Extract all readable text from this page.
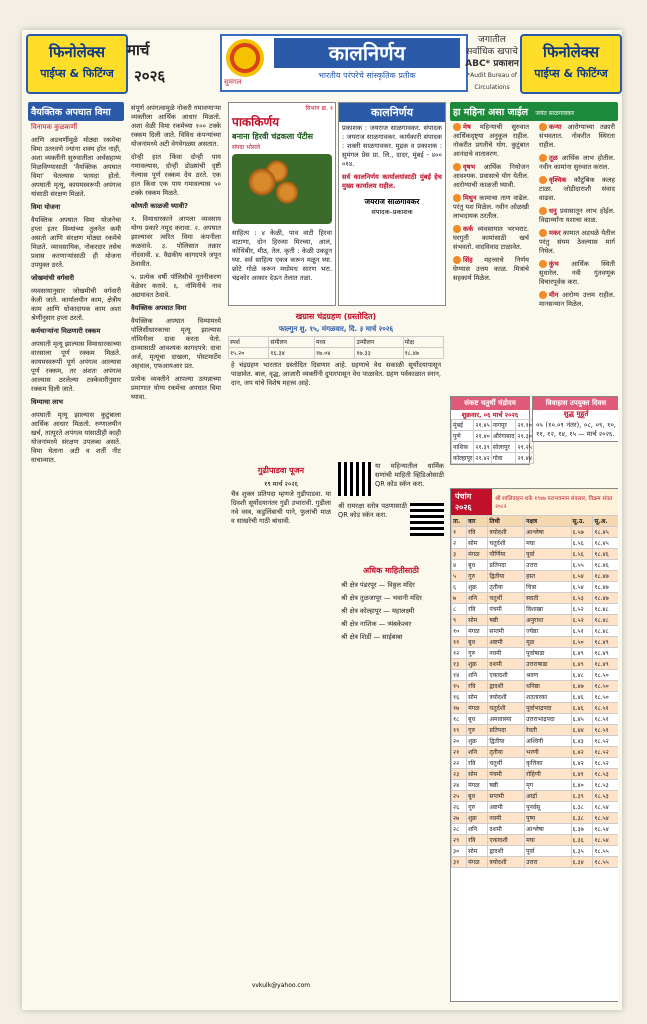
फिनोलेक्स
पाईप्स & फिटिंग्ज
मार्च
२०२६	सुमंगल
कालनिर्णय
भारतीय परंपरेचे सांस्कृतिक प्रतीक
जगातील
सर्वाधिक खपाचे
ABC* प्रकाशन
*Audit Bureau of Circulations
फिनोलेक्स
पाईप्स & फिटिंग्ज
वैयक्तिक अपघात विमा
विनायक कुळकर्णी
आणि अडचणींमुळे मोठ्या रकमेचा विमा उतरवणे ज्यांना शक्य होत नाही, अशा व्यक्तींनी सुरुवातीला अर्थसहाय्य मिळविण्यासाठी ‘वैयक्तिक अपघात विमा’ घेतल्यास फायदा होतो. अपघाती मृत्यू, कायमस्वरूपी अपंगत्व यांसाठी संरक्षण मिळते.
विमा योजना
वैयक्तिक अपघात विमा योजनेचा हप्ता इतर विम्यांच्या तुलनेत कमी असतो आणि संरक्षण मोठ्या रकमेचे मिळते. व्यावसायिक, नोकरदार तसेच प्रवास करणाऱ्यांसाठी ही योजना उपयुक्त ठरते.
जोखमांची वर्गवारी
व्यवसायानुसार जोखमीची वर्गवारी केली जाते. कार्यालयीन काम, क्षेत्रीय काम आणि धोकादायक काम अशा श्रेणींनुसार हप्ता ठरतो.
कर्मचाऱ्यांना मिळणारी रक्कम
अपघाती मृत्यू झाल्यास विमाधारकाच्या वारसाला पूर्ण रक्कम मिळते. कायमस्वरूपी पूर्ण अपंगत्व आल्यास पूर्ण रक्कम, तर अंशतः अपंगत्व आल्यास ठरलेल्या टक्केवारीनुसार रक्कम दिली जाते.
विम्याचा लाभ
अपघाती मृत्यू झाल्यास कुटुंबाला आर्थिक आधार मिळतो. रुग्णालयीन खर्च, तात्पुरते अपंगत्व यांसाठीही काही योजनांमध्ये संरक्षण उपलब्ध असते. विमा घेताना अटी व शर्ती नीट वाचाव्यात.
संपूर्ण अपंगत्वामुळे नोकरी गमावणाऱ्या व्यक्तीला आर्थिक आधार मिळतो. अशा वेळी विमा रकमेच्या १०० टक्के रक्कम दिली जाते. विविध कंपन्यांच्या योजनांमध्ये अटी वेगवेगळ्या असतात.
दोन्ही हात किंवा दोन्ही पाय गमावल्यास, दोन्ही डोळ्यांची दृष्टी गेल्यास पूर्ण रक्कम देय ठरते. एक हात किंवा एक पाय गमावल्यास ५० टक्के रक्कम मिळते.
कोणती काळजी घ्यावी?
१. विमाधारकाने आपला व्यवसाय योग्य प्रकारे नमूद करावा. २. अपघात झाल्यावर त्वरित विमा कंपनीला कळवावे. ३. पोलिसात तक्रार नोंदवावी. ४. वैद्यकीय कागदपत्रे जपून ठेवावीत.
५. प्रत्येक वर्षी पॉलिसीचे नूतनीकरण वेळेवर करावे. ६. नॉमिनीचे नाव अद्ययावत ठेवावे.
वैयक्तिक अपघात विमा
वैयक्तिक अपघात विम्यामध्ये पॉलिसीधारकाचा मृत्यू झाल्यास नॉमिनीला दावा करता येतो. दाव्यासाठी आवश्यक कागदपत्रे: दावा अर्ज, मृत्यूचा दाखला, पोस्टमार्टेम अहवाल, एफआयआर प्रत.
प्रत्येक व्यक्तीने आपल्या उत्पन्नाच्या प्रमाणात योग्य रकमेचा अपघात विमा घ्यावा.
विभाग क्र. १
पाककिर्णय
बनाना हिरवी चंद्रकला पॅटीस
संपदा भोसले
साहित्य : ४ केळी, पाव वाटी हिरवा वाटाणा, दोन हिरव्या मिरच्या, आलं, कोथिंबीर, मीठ, तेल. कृती : केळी उकडून घ्या. सर्व साहित्य एकत्र करून मळून घ्या. छोटे गोळे करून मधोमध सारण भरा. चंद्रकोर आकार देऊन तेलात तळा.
कालनिर्णय
प्रकाशक : जयराज साळगावकर. संपादक : जयराज साळगावकर. कार्यकारी संपादक : शक्ती साळगावकर. मुद्रक व प्रकाशक : सुमंगल प्रेस प्रा. लि., दादर, मुंबई - ४०० ०१४.
सर्व कालनिर्णय कार्यालयांसाठी मुंबई हेच मुख्य कार्यालय राहील.
जयराज साळगावकर
संपादक–प्रकाशक
खग्रास चंद्रग्रहण (ग्रस्तोदित)
फाल्गुन शु. १५, मंगळवार, दि. ३ मार्च २०२६
स्पर्श	संमीलन	मध्य	उन्मीलन	मोक्ष
१५.२०	१६.३४	१७.०४	१७.३३	१८.४७
हे चंद्रग्रहण भारतात ग्रस्तोदित दिसणार आहे. ग्रहणाचे वेध सकाळी सूर्योदयापासून पाळावेत. बाल, वृद्ध, आजारी व्यक्तींनी दुपारपासून वेध पाळावेत. ग्रहण पर्वकाळात स्नान, दान, जप यांचे विशेष महत्त्व आहे.
गुढीपाडवा पूजन
१९ मार्च २०२६
चैत्र शुक्ल प्रतिपदा म्हणजे गुढीपाडवा. या दिवशी सूर्योदयानंतर गुढी उभारावी. गुढीला नवे वस्त्र, कडुलिंबाची पाने, फुलांची माळ व साखरेची गाठी बांधावी.
या महिन्यातील धार्मिक सणांची माहिती व्हिडिओसाठी QR कोड स्कॅन करा.
श्री रामरक्षा स्तोत्र पठणासाठी QR कोड स्कॅन करा.
अधिक माहितीसाठी
श्री क्षेत्र पंढरपूर — विठ्ठल मंदिर
श्री क्षेत्र तुळजापूर — भवानी मंदिर
श्री क्षेत्र कोल्हापूर — महालक्ष्मी
श्री क्षेत्र नाशिक — त्र्यंबकेश्वर
श्री क्षेत्र शिर्डी — साईबाबा
vvkulk@yahoo.com
हा महिना असा जाईल जयंत साळगावकर
मेष महिन्याची सुरुवात आर्थिकदृष्ट्या अनुकूल राहील. नोकरीत प्रगतीचे योग. कुटुंबात आनंदाचे वातावरण.
वृषभ आर्थिक नियोजन आवश्यक. प्रवासाचे योग येतील. आरोग्याची काळजी घ्यावी.
मिथुन कामाचा ताण वाढेल. परंतु यश मिळेल. नवीन ओळखी लाभदायक ठरतील.
कर्क व्यवसायात भरभराट. घरगुती कामांसाठी खर्च संभवतो. वादविवाद टाळावेत.
सिंह महत्त्वाचे निर्णय घेण्यास उत्तम काळ. मित्रांचे सहकार्य मिळेल.
कन्या आरोग्याच्या तक्रारी संभवतात. नोकरीत स्थिरता राहील.
तूळ आर्थिक लाभ होतील. नवीन कामांना सुरुवात कराल.
वृश्चिक कौटुंबिक कलह टाळा. जोडीदाराशी संवाद वाढवा.
धनु प्रवासातून लाभ होईल. विद्यार्थ्यांना यशाचा काळ.
मकर कामात अडथळे येतील परंतु संयम ठेवल्यास मार्ग निघेल.
कुंभ आर्थिक स्थिती सुधारेल. नवी गुंतवणूक विचारपूर्वक करा.
मीन आरोग्य उत्तम राहील. मानसन्मान मिळेल.
संकष्ट चतुर्थी चंद्रोदय
शुक्रवार, ०६ मार्च २०२६
मुंबई	२१.४५	नागपूर	२१.१०
पुणे	२१.४०	औरंगाबाद	२१.३०
नाशिक	२१.३९	सोलापूर	२१.२५
कोल्हापूर	२१.४२	गोवा	२१.४४
विवाहास उपयुक्त दिवस
शुद्ध मुहूर्त
०५ (१०.०९ नंतर), ०८, ०९, १०, ११, १२, १४, १५ — मार्च २०२६.
पंचांग २०२६
श्री शालिवाहन शके १९४७ पराभवनाम संवत्सर, विक्रम संवत २०८२
ता.	वार	तिथी	नक्षत्र	सू.उ.	सू.अ.
१	रवि	त्रयोदशी	आश्लेषा	६.५७	१८.४५
२	सोम	चतुर्दशी	मघा	६.५६	१८.४५
३	मंगळ	पौर्णिमा	पूर्वा	६.५६	१८.४६
४	बुध	प्रतिपदा	उत्तरा	६.५५	१८.४६
५	गुरु	द्वितीया	हस्त	६.५४	१८.४७
६	शुक्र	तृतीया	चित्रा	६.५४	१८.४७
७	शनि	चतुर्थी	स्वाती	६.५३	१८.४७
८	रवि	पंचमी	विशाखा	६.५२	१८.४८
९	सोम	षष्ठी	अनुराधा	६.५२	१८.४८
१०	मंगळ	सप्तमी	ज्येष्ठा	६.५१	१८.४८
११	बुध	अष्टमी	मूळ	६.५०	१८.४९
१२	गुरु	नवमी	पूर्वाषाढा	६.४९	१८.४९
१३	शुक्र	दशमी	उत्तराषाढा	६.४९	१८.४९
१४	शनि	एकादशी	श्रवण	६.४८	१८.५०
१५	रवि	द्वादशी	धनिष्ठा	६.४७	१८.५०
१६	सोम	त्रयोदशी	शततारका	६.४६	१८.५०
१७	मंगळ	चतुर्दशी	पूर्वाभाद्रपदा	६.४६	१८.५१
१८	बुध	अमावास्या	उत्तराभाद्रपदा	६.४५	१८.५१
१९	गुरु	प्रतिपदा	रेवती	६.४४	१८.५१
२०	शुक्र	द्वितीया	अश्विनी	६.४३	१८.५२
२१	शनि	तृतीया	भरणी	६.४२	१८.५२
२२	रवि	चतुर्थी	कृत्तिका	६.४२	१८.५२
२३	सोम	पंचमी	रोहिणी	६.४१	१८.५३
२४	मंगळ	षष्ठी	मृग	६.४०	१८.५३
२५	बुध	सप्तमी	आर्द्रा	६.३९	१८.५३
२६	गुरु	अष्टमी	पुनर्वसू	६.३८	१८.५४
२७	शुक्र	नवमी	पुष्य	६.३८	१८.५४
२८	शनि	दशमी	आश्लेषा	६.३७	१८.५४
२९	रवि	एकादशी	मघा	६.३६	१८.५४
३०	सोम	द्वादशी	पूर्वा	६.३५	१८.५५
३१	मंगळ	त्रयोदशी	उत्तरा	६.३४	१८.५५
